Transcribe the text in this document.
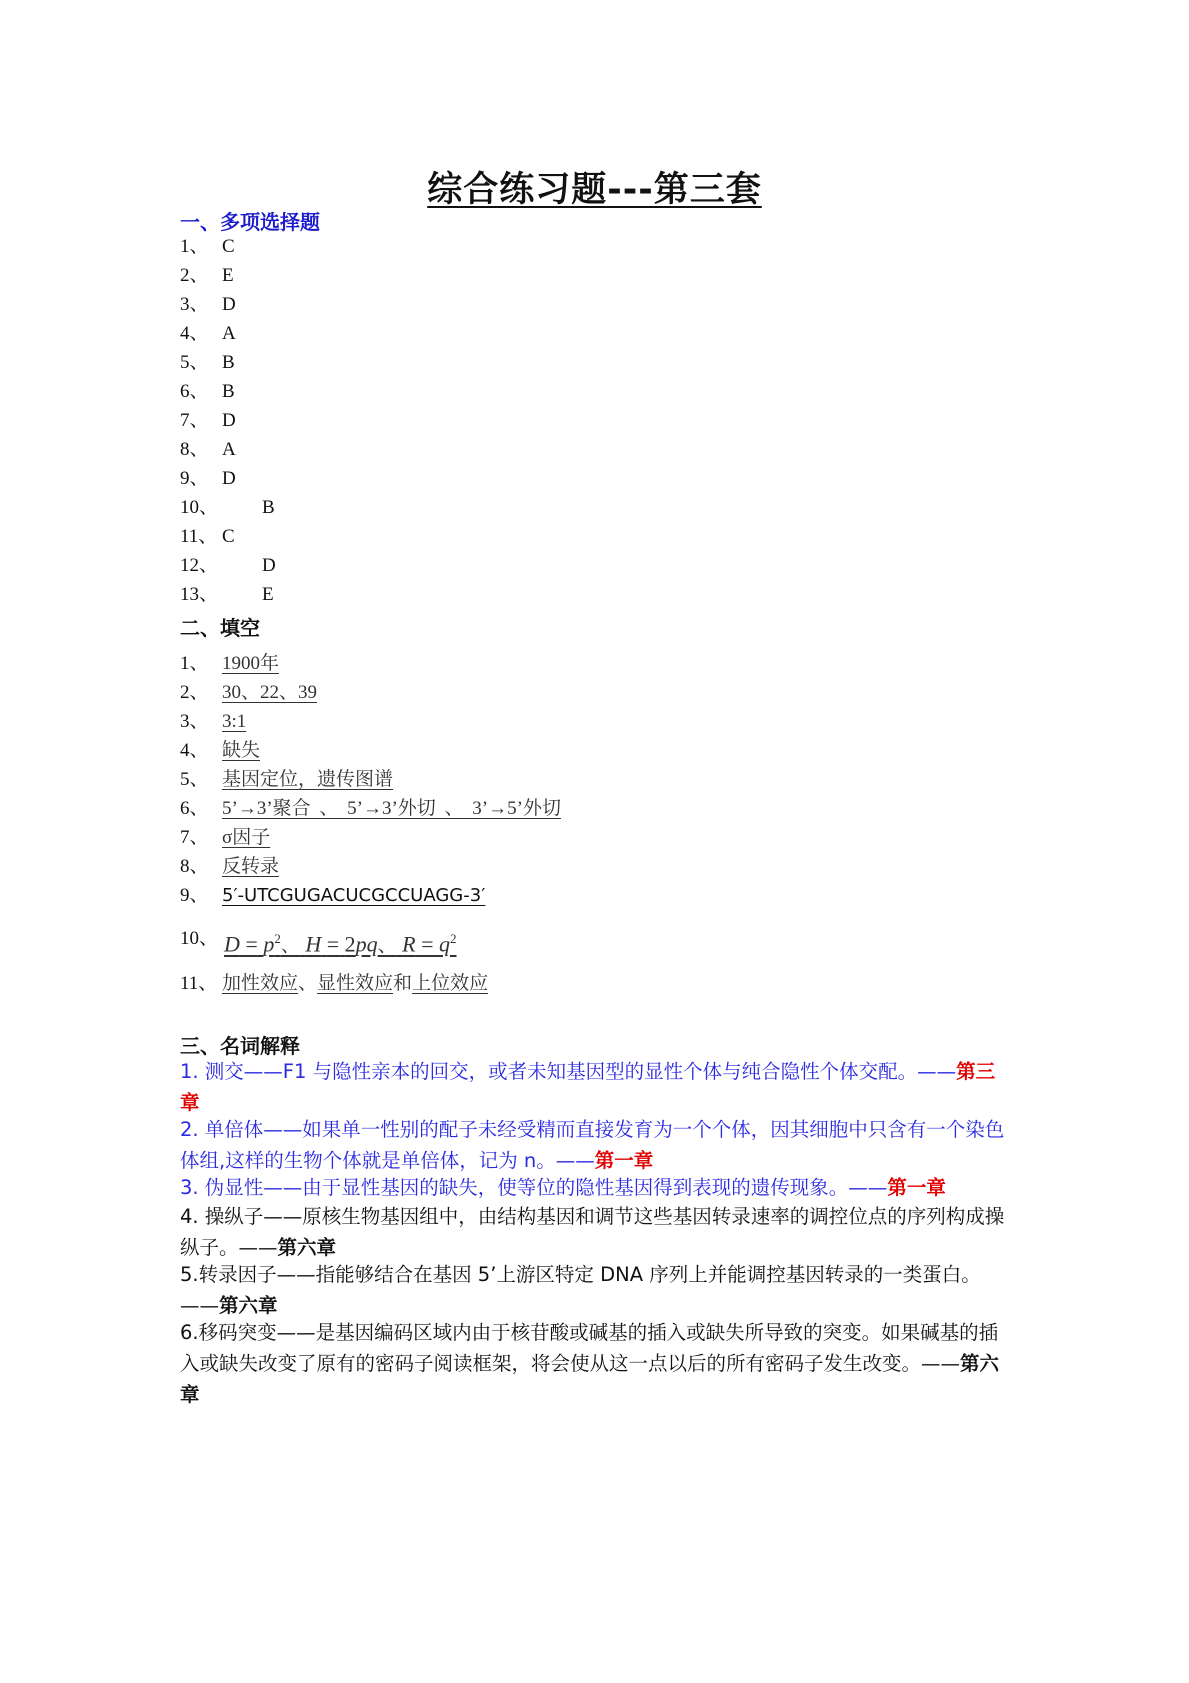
综合练习题---第三套
一、多项选择题
1、 C
2、 E
3、 D
4、 A
5、 B
6、 B
7、 D
8、 A
9、 D
10、 B
11、 C
12、 D
13、 E
二、填空
1、 1900年
2、 30、22、39
3、 3:1
4、 缺失
5、 基因定位，遗传图谱
6、 5’→3’聚合 、 5’→3’外切 、 3’→5’外切
7、 σ因子
8、 反转录
9、 5′-UTCGUGACUCGCCUAGG-3′
10、 $D = p^2$、 H = 2pq、 $R = q^2$
11、 加性效应、显性效应和上位效应
三、名词解释
1. 测交——F1 与隐性亲本的回交，或者未知基因型的显性个体与纯合隐性个体交配。——第三章
2. 单倍体——如果单一性别的配子未经受精而直接发育为一个个体，因其细胞中只含有一个染色体组,这样的生物个体就是单倍体，记为 n。——第一章
3. 伪显性——由于显性基因的缺失，使等位的隐性基因得到表现的遗传现象。——第一章
4. 操纵子——原核生物基因组中，由结构基因和调节这些基因转录速率的调控位点的序列构成操纵子。——第六章
5.转录因子——指能够结合在基因 5’上游区特定 DNA 序列上并能调控基因转录的一类蛋白。——第六章
6.移码突变——是基因编码区域内由于核苷酸或碱基的插入或缺失所导致的突变。如果碱基的插入或缺失改变了原有的密码子阅读框架，将会使从这一点以后的所有密码子发生改变。——第六章
